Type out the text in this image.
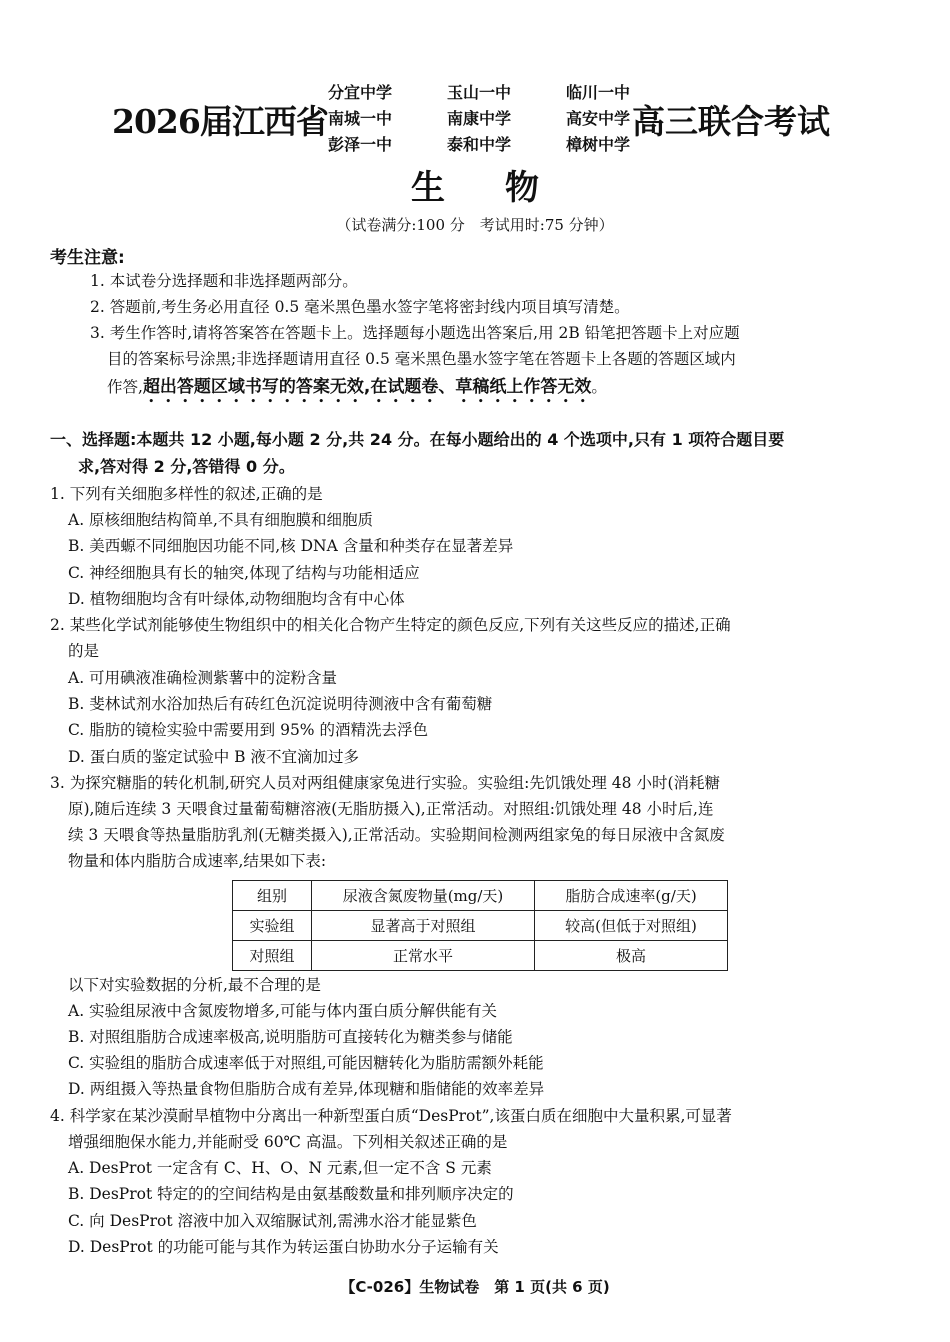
2026届江西省
分宜中学	玉山一中	临川一中
南城一中	南康中学	高安中学
彭泽一中	泰和中学	樟树中学
高三联合考试
生物
（试卷满分:100 分　考试用时:75 分钟）
考生注意:
1. 本试卷分选择题和非选择题两部分。
2. 答题前,考生务必用直径 0.5 毫米黑色墨水签字笔将密封线内项目填写清楚。
3. 考生作答时,请将答案答在答题卡上。选择题每小题选出答案后,用 2B 铅笔把答题卡上对应题
目的答案标号涂黑;非选择题请用直径 0.5 毫米黑色墨水签字笔在答题卡上各题的答题区域内
作答,超出答题区域书写的答案无效,在试题卷、草稿纸上作答无效。
一、选择题:本题共 12 小题,每小题 2 分,共 24 分。在每小题给出的 4 个选项中,只有 1 项符合题目要
求,答对得 2 分,答错得 0 分。
1. 下列有关细胞多样性的叙述,正确的是
A. 原核细胞结构简单,不具有细胞膜和细胞质
B. 美西螈不同细胞因功能不同,核 DNA 含量和种类存在显著差异
C. 神经细胞具有长的轴突,体现了结构与功能相适应
D. 植物细胞均含有叶绿体,动物细胞均含有中心体
2. 某些化学试剂能够使生物组织中的相关化合物产生特定的颜色反应,下列有关这些反应的描述,正确
的是
A. 可用碘液准确检测紫薯中的淀粉含量
B. 斐林试剂水浴加热后有砖红色沉淀说明待测液中含有葡萄糖
C. 脂肪的镜检实验中需要用到 95% 的酒精洗去浮色
D. 蛋白质的鉴定试验中 B 液不宜滴加过多
3. 为探究糖脂的转化机制,研究人员对两组健康家兔进行实验。实验组:先饥饿处理 48 小时(消耗糖
原),随后连续 3 天喂食过量葡萄糖溶液(无脂肪摄入),正常活动。对照组:饥饿处理 48 小时后,连
续 3 天喂食等热量脂肪乳剂(无糖类摄入),正常活动。实验期间检测两组家兔的每日尿液中含氮废
物量和体内脂肪合成速率,结果如下表:
组别	尿液含氮废物量(mg/天)	脂肪合成速率(g/天)
实验组	显著高于对照组	较高(但低于对照组)
对照组	正常水平	极高
以下对实验数据的分析,最不合理的是
A. 实验组尿液中含氮废物增多,可能与体内蛋白质分解供能有关
B. 对照组脂肪合成速率极高,说明脂肪可直接转化为糖类参与储能
C. 实验组的脂肪合成速率低于对照组,可能因糖转化为脂肪需额外耗能
D. 两组摄入等热量食物但脂肪合成有差异,体现糖和脂储能的效率差异
4. 科学家在某沙漠耐旱植物中分离出一种新型蛋白质“DesProt”,该蛋白质在细胞中大量积累,可显著
增强细胞保水能力,并能耐受 60℃ 高温。下列相关叙述正确的是
A. DesProt 一定含有 C、H、O、N 元素,但一定不含 S 元素
B. DesProt 特定的的空间结构是由氨基酸数量和排列顺序决定的
C. 向 DesProt 溶液中加入双缩脲试剂,需沸水浴才能显紫色
D. DesProt 的功能可能与其作为转运蛋白协助水分子运输有关
【C-026】生物试卷　第 1 页(共 6 页)
